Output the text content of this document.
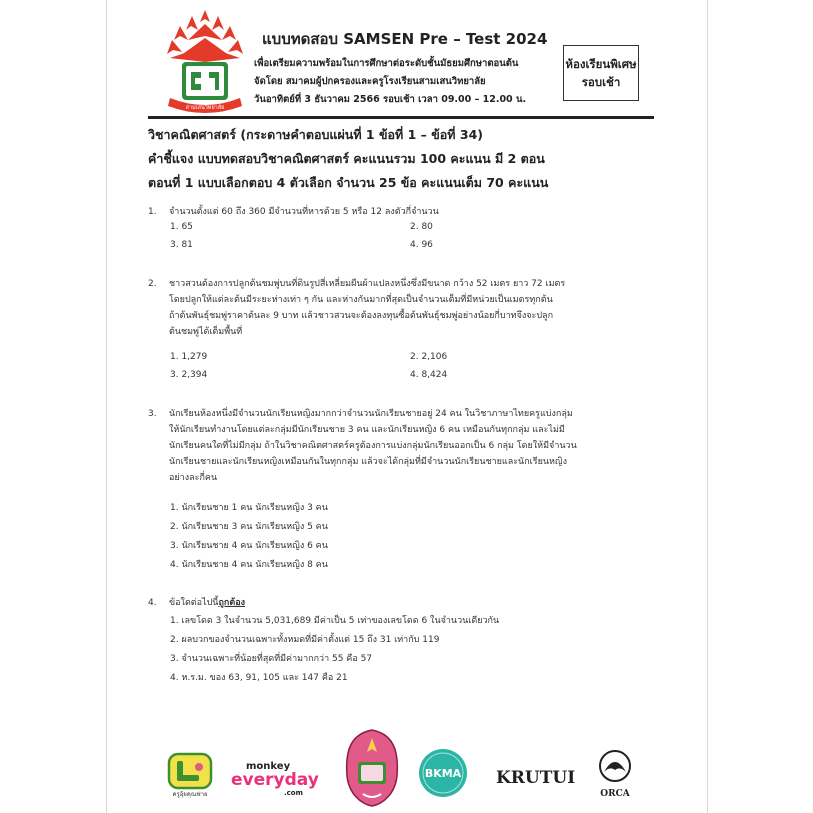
สามเสนวิทยาลัย
แบบทดสอบ SAMSEN Pre – Test 2024
เพื่อเตรียมความพร้อมในการศึกษาต่อระดับชั้นมัธยมศึกษาตอนต้น
จัดโดย สมาคมผู้ปกครองและครูโรงเรียนสามเสนวิทยาลัย
วันอาทิตย์ที่ 3 ธันวาคม 2566 รอบเช้า เวลา 09.00 – 12.00 น.
ห้องเรียนพิเศษ
รอบเช้า
วิชาคณิตศาสตร์ (กระดาษคำตอบแผ่นที่ 1 ข้อที่ 1 – ข้อที่ 34)
คำชี้แจง แบบทดสอบวิชาคณิตศาสตร์ คะแนนรวม 100 คะแนน มี 2 ตอน
ตอนที่ 1 แบบเลือกตอบ 4 ตัวเลือก จำนวน 25 ข้อ คะแนนเต็ม 70 คะแนน
1. จำนวนตั้งแต่ 60 ถึง 360 มีจำนวนที่หารด้วย 5 หรือ 12 ลงตัวกี่จำนวน
1. 65	2. 80
3. 81	4. 96
2. ชาวสวนต้องการปลูกต้นชมพู่บนที่ดินรูปสี่เหลี่ยมผืนผ้าแปลงหนึ่งซึ่งมีขนาด กว้าง 52 เมตร ยาว 72 เมตร
โดยปลูกให้แต่ละต้นมีระยะห่างเท่า ๆ กัน และห่างกันมากที่สุดเป็นจำนวนเต็มที่มีหน่วยเป็นเมตรทุกต้น
ถ้าต้นพันธุ์ชมพู่ราคาต้นละ 9 บาท แล้วชาวสวนจะต้องลงทุนซื้อต้นพันธุ์ชมพู่อย่างน้อยกี่บาทจึงจะปลูก
ต้นชมพู่ได้เต็มพื้นที่
1. 1,279	2. 2,106
3. 2,394	4. 8,424
3. นักเรียนห้องหนึ่งมีจำนวนนักเรียนหญิงมากกว่าจำนวนนักเรียนชายอยู่ 24 คน ในวิชาภาษาไทยครูแบ่งกลุ่ม
ให้นักเรียนทำงานโดยแต่ละกลุ่มมีนักเรียนชาย 3 คน และนักเรียนหญิง 6 คน เหมือนกันทุกกลุ่ม และไม่มี
นักเรียนคนใดที่ไม่มีกลุ่ม ถ้าในวิชาคณิตศาสตร์ครูต้องการแบ่งกลุ่มนักเรียนออกเป็น 6 กลุ่ม โดยให้มีจำนวน
นักเรียนชายและนักเรียนหญิงเหมือนกันในทุกกลุ่ม แล้วจะได้กลุ่มที่มีจำนวนนักเรียนชายและนักเรียนหญิง
อย่างละกี่คน
1. นักเรียนชาย 1 คน นักเรียนหญิง 3 คน
2. นักเรียนชาย 3 คน นักเรียนหญิง 5 คน
3. นักเรียนชาย 4 คน นักเรียนหญิง 6 คน
4. นักเรียนชาย 4 คน นักเรียนหญิง 8 คน
4. ข้อใดต่อไปนี้ถูกต้อง
1. เลขโดด 3 ในจำนวน 5,031,689 มีค่าเป็น 5 เท่าของเลขโดด 6 ในจำนวนเดียวกัน
2. ผลบวกของจำนวนเฉพาะทั้งหมดที่มีค่าตั้งแต่ 15 ถึง 31 เท่ากับ 119
3. จำนวนเฉพาะที่น้อยที่สุดที่มีค่ามากกว่า 55 คือ 57
4. ห.ร.ม. ของ 63, 91, 105 และ 147 คือ 21
ครูอุ้ยคุณฟาย
monkey
everyday
.com
BKMA KRUTUI
ORCA
